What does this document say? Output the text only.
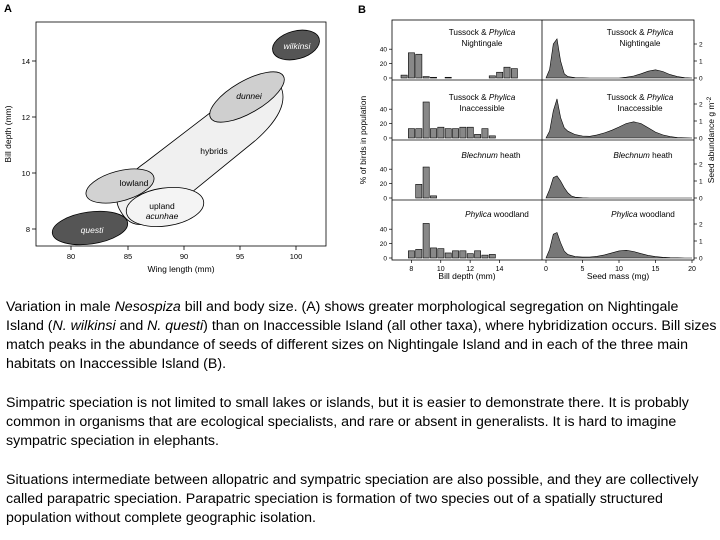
A
wilkinsi
dunnei
hybrids
lowland
upland
acunhae
questi
80	85	90	95	100
8
10
12
14
Wing length (mm)
Bill depth (mm)
B
0
20
40
0
1
2
0
20
40
0
1
2
0
20
40
0
1
2
0
20
40
0
1
2
8	10	12	14	0	5	10	15	20
Tussock & Phylica
Nightingale
Tussock & Phylica
Nightingale
Tussock & Phylica
Inaccessible
Tussock & Phylica
Inaccessible
Blechnum heath	Blechnum heath
Phylica woodland	Phylica woodland
Bill depth (mm)	Seed mass (mg)
% of birds in population	Seed abundance g $m^{-2}$

Variation in male Nesospiza bill and body size. (A) shows greater morphological segregation on Nightingale Island (N. wilkinsi and N. questi) than on Inaccessible Island (all other taxa), where hybridization occurs. Bill sizes match peaks in the abundance of seeds of different sizes on Nightingale Island and in each of the three main habitats on Inaccessible Island (B).

Simpatric speciation is not limited to small lakes or islands, but it is easier to demonstrate there. It is probably common in organisms that are ecological specialists, and rare or absent in generalists. It is hard to imagine sympatric speciation in elephants.

Situations intermediate between allopatric and sympatric speciation are also possible, and they are collectively called parapatric speciation. Parapatric speciation is formation of two species out of a spatially structured population without complete geographic isolation.
